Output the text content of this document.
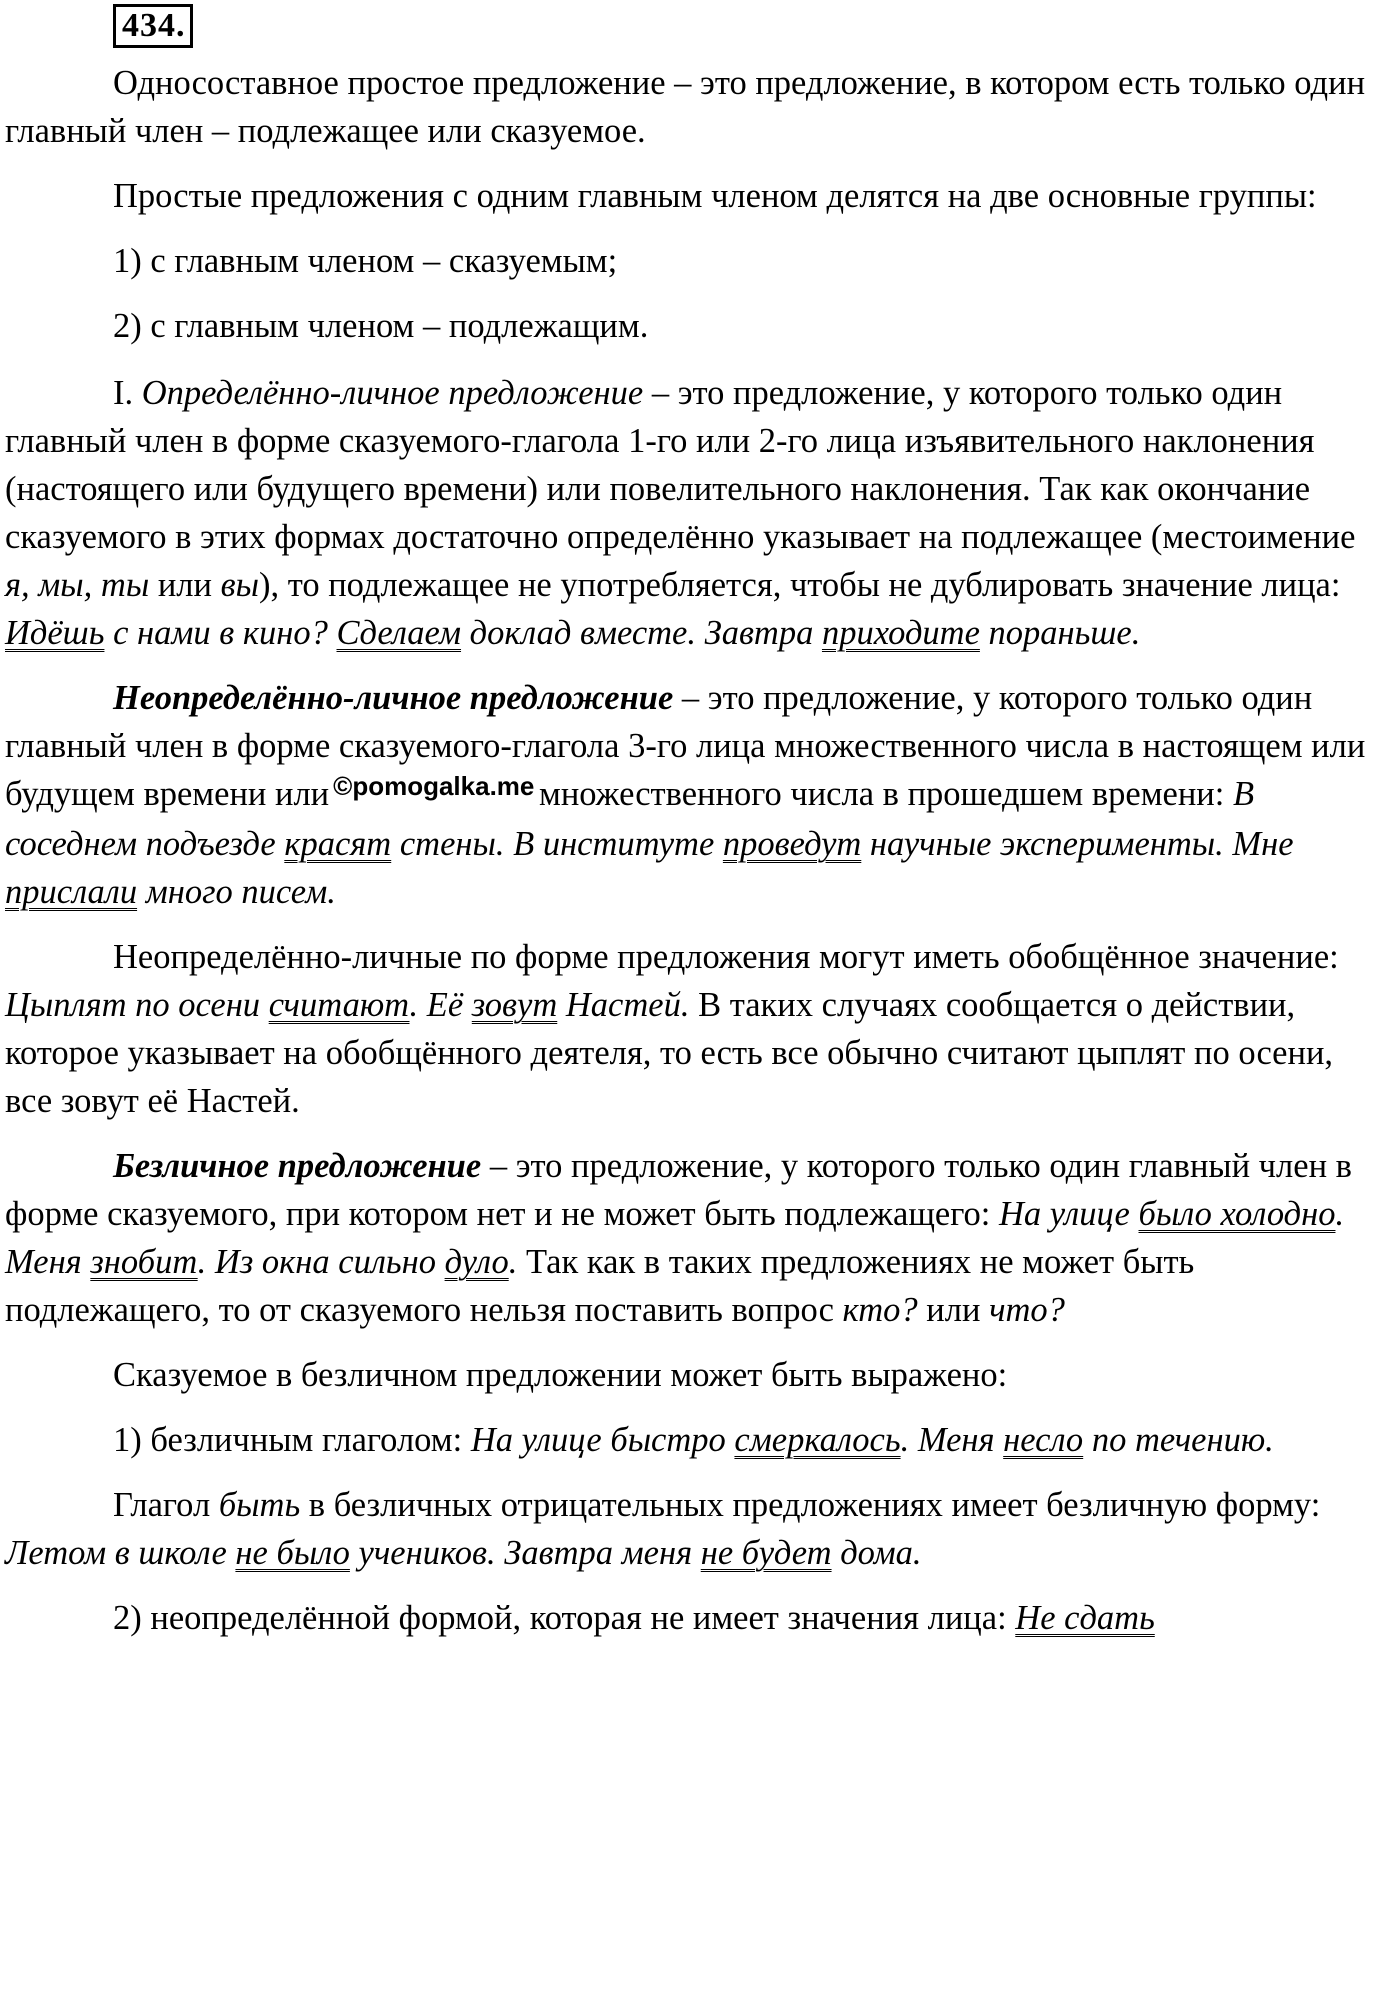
434.

Односоставное простое предложение – это предложение, в котором есть только один главный член – подлежащее или сказуемое.

Простые предложения с одним главным членом делятся на две основные группы:

1) с главным членом – сказуемым;

2) с главным членом – подлежащим.

I. Определённо-личное предложение – это предложение, у которого только один главный член в форме сказуемого-глагола 1-го или 2-го лица изъявительного наклонения (настоящего или будущего времени) или повелительного наклонения. Так как окончание сказуемого в этих формах достаточно определённо указывает на подлежащее (местоимение я, мы, ты или вы), то подлежащее не употребляется, чтобы не дублировать значение лица: Идёшь с нами в кино? Сделаем доклад вместе. Завтра приходите пораньше.

Неопределённо-личное предложение – это предложение, у которого только один главный член в форме сказуемого-глагола 3-го лица множественного числа в настоящем или будущем времени или $^{©pomogalka.me}$ множественного числа в прошедшем времени: В соседнем подъезде красят стены. В институте проведут научные эксперименты. Мне прислали много писем.

Неопределённо-личные по форме предложения могут иметь обобщённое значение: Цыплят по осени считают. Её зовут Настей. В таких случаях сообщается о действии, которое указывает на обобщённого деятеля, то есть все обычно считают цыплят по осени, все зовут её Настей.

Безличное предложение – это предложение, у которого только один главный член в форме сказуемого, при котором нет и не может быть подлежащего: На улице было холодно. Меня знобит. Из окна сильно дуло. Так как в таких предложениях не может быть подлежащего, то от сказуемого нельзя поставить вопрос кто? или что?

Сказуемое в безличном предложении может быть выражено:

1) безличным глаголом: На улице быстро смеркалось. Меня несло по течению.

Глагол быть в безличных отрицательных предложениях имеет безличную форму: Летом в школе не было учеников. Завтра меня не будет дома.

2) неопределённой формой, которая не имеет значения лица: Не сдать
